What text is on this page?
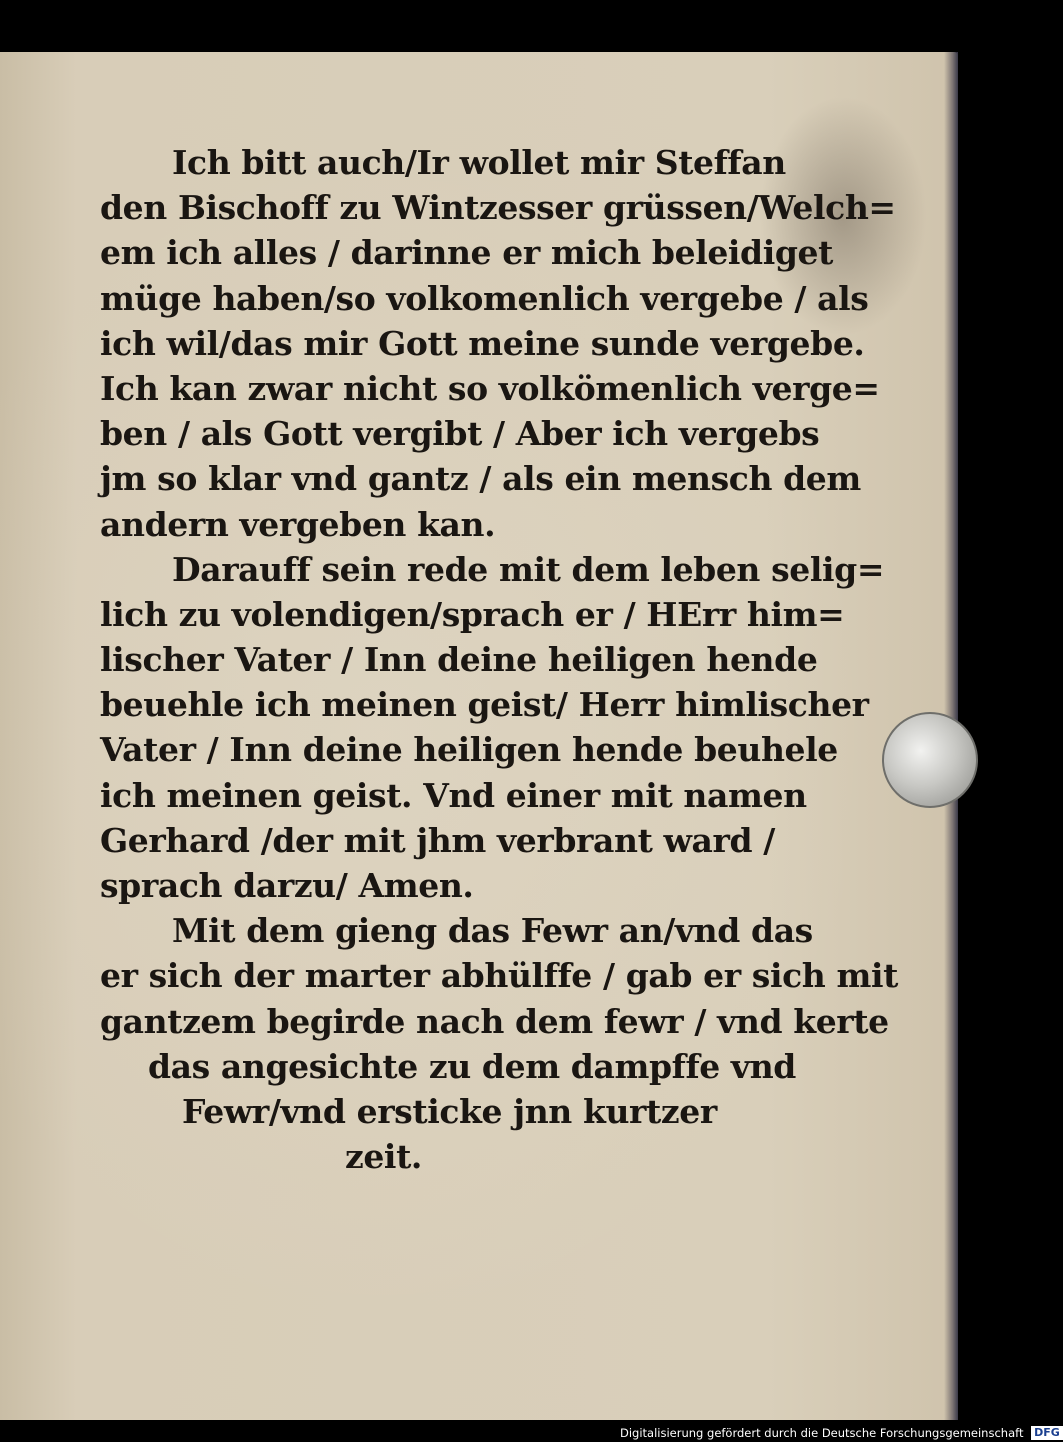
Ich bitt auch/Ir wollet mir Steffan
den Bischoff zu Wintzesser grüssen/Welch=
em ich alles / darinne er mich beleidiget
müge haben/so volkomenlich vergebe / als
ich wil/das mir Gott meine sunde vergebe.
Ich kan zwar nicht so volkömenlich verge=
ben / als Gott vergibt / Aber ich vergebs
jm so klar vnd gantz / als ein mensch dem
andern vergeben kan.
Darauff sein rede mit dem leben selig=
lich zu volendigen/sprach er / HErr him=
lischer Vater / Inn deine heiligen hende
beuehle ich meinen geist/ Herr himlischer
Vater / Inn deine heiligen hende beuhele
ich meinen geist. Vnd einer mit namen
Gerhard /der mit jhm verbrant ward /
sprach darzu/ Amen.
Mit dem gieng das Fewr an/vnd das
er sich der marter abhülffe / gab er sich mit
gantzem begirde nach dem fewr / vnd kerte
das angesichte zu dem dampffe vnd
Fewr/vnd ersticke jnn kurtzer
zeit.
Digitalisierung gefördert durch die Deutsche Forschungsgemeinschaft DFG
